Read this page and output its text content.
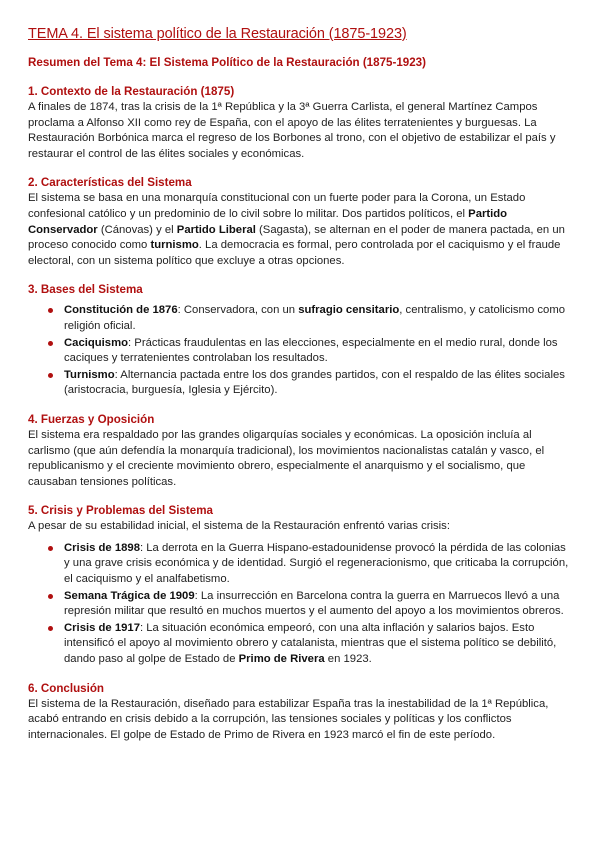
TEMA 4. El sistema político de la Restauración (1875-1923)
Resumen del Tema 4: El Sistema Político de la Restauración (1875-1923)
1. Contexto de la Restauración (1875)

A finales de 1874, tras la crisis de la 1ª República y la 3ª Guerra Carlista, el general Martínez Campos proclama a Alfonso XII como rey de España, con el apoyo de las élites terratenientes y burguesas. La Restauración Borbónica marca el regreso de los Borbones al trono, con el objetivo de estabilizar el país y restaurar el control de las élites sociales y económicas.

2. Características del Sistema

El sistema se basa en una monarquía constitucional con un fuerte poder para la Corona, un Estado confesional católico y un predominio de lo civil sobre lo militar. Dos partidos políticos, el Partido Conservador (Cánovas) y el Partido Liberal (Sagasta), se alternan en el poder de manera pactada, en un proceso conocido como turnismo. La democracia es formal, pero controlada por el caciquismo y el fraude electoral, con un sistema político que excluye a otras opciones.

3. Bases del Sistema
Constitución de 1876: Conservadora, con un sufragio censitario, centralismo, y catolicismo como religión oficial.
Caciquismo: Prácticas fraudulentas en las elecciones, especialmente en el medio rural, donde los caciques y terratenientes controlaban los resultados.
Turnismo: Alternancia pactada entre los dos grandes partidos, con el respaldo de las élites sociales (aristocracia, burguesía, Iglesia y Ejército).
4. Fuerzas y Oposición

El sistema era respaldado por las grandes oligarquías sociales y económicas. La oposición incluía al carlismo (que aún defendía la monarquía tradicional), los movimientos nacionalistas catalán y vasco, el republicanismo y el creciente movimiento obrero, especialmente el anarquismo y el socialismo, que causaban tensiones políticas.

5. Crisis y Problemas del Sistema

A pesar de su estabilidad inicial, el sistema de la Restauración enfrentó varias crisis:

Crisis de 1898: La derrota en la Guerra Hispano-estadounidense provocó la pérdida de las colonias y una grave crisis económica y de identidad. Surgió el regeneracionismo, que criticaba la corrupción, el caciquismo y el analfabetismo.
Semana Trágica de 1909: La insurrección en Barcelona contra la guerra en Marruecos llevó a una represión militar que resultó en muchos muertos y el aumento del apoyo a los movimientos obreros.
Crisis de 1917: La situación económica empeoró, con una alta inflación y salarios bajos. Esto intensificó el apoyo al movimiento obrero y catalanista, mientras que el sistema político se debilitó, dando paso al golpe de Estado de Primo de Rivera en 1923.
6. Conclusión

El sistema de la Restauración, diseñado para estabilizar España tras la inestabilidad de la 1ª República, acabó entrando en crisis debido a la corrupción, las tensiones sociales y políticas y los conflictos internacionales. El golpe de Estado de Primo de Rivera en 1923 marcó el fin de este período.
